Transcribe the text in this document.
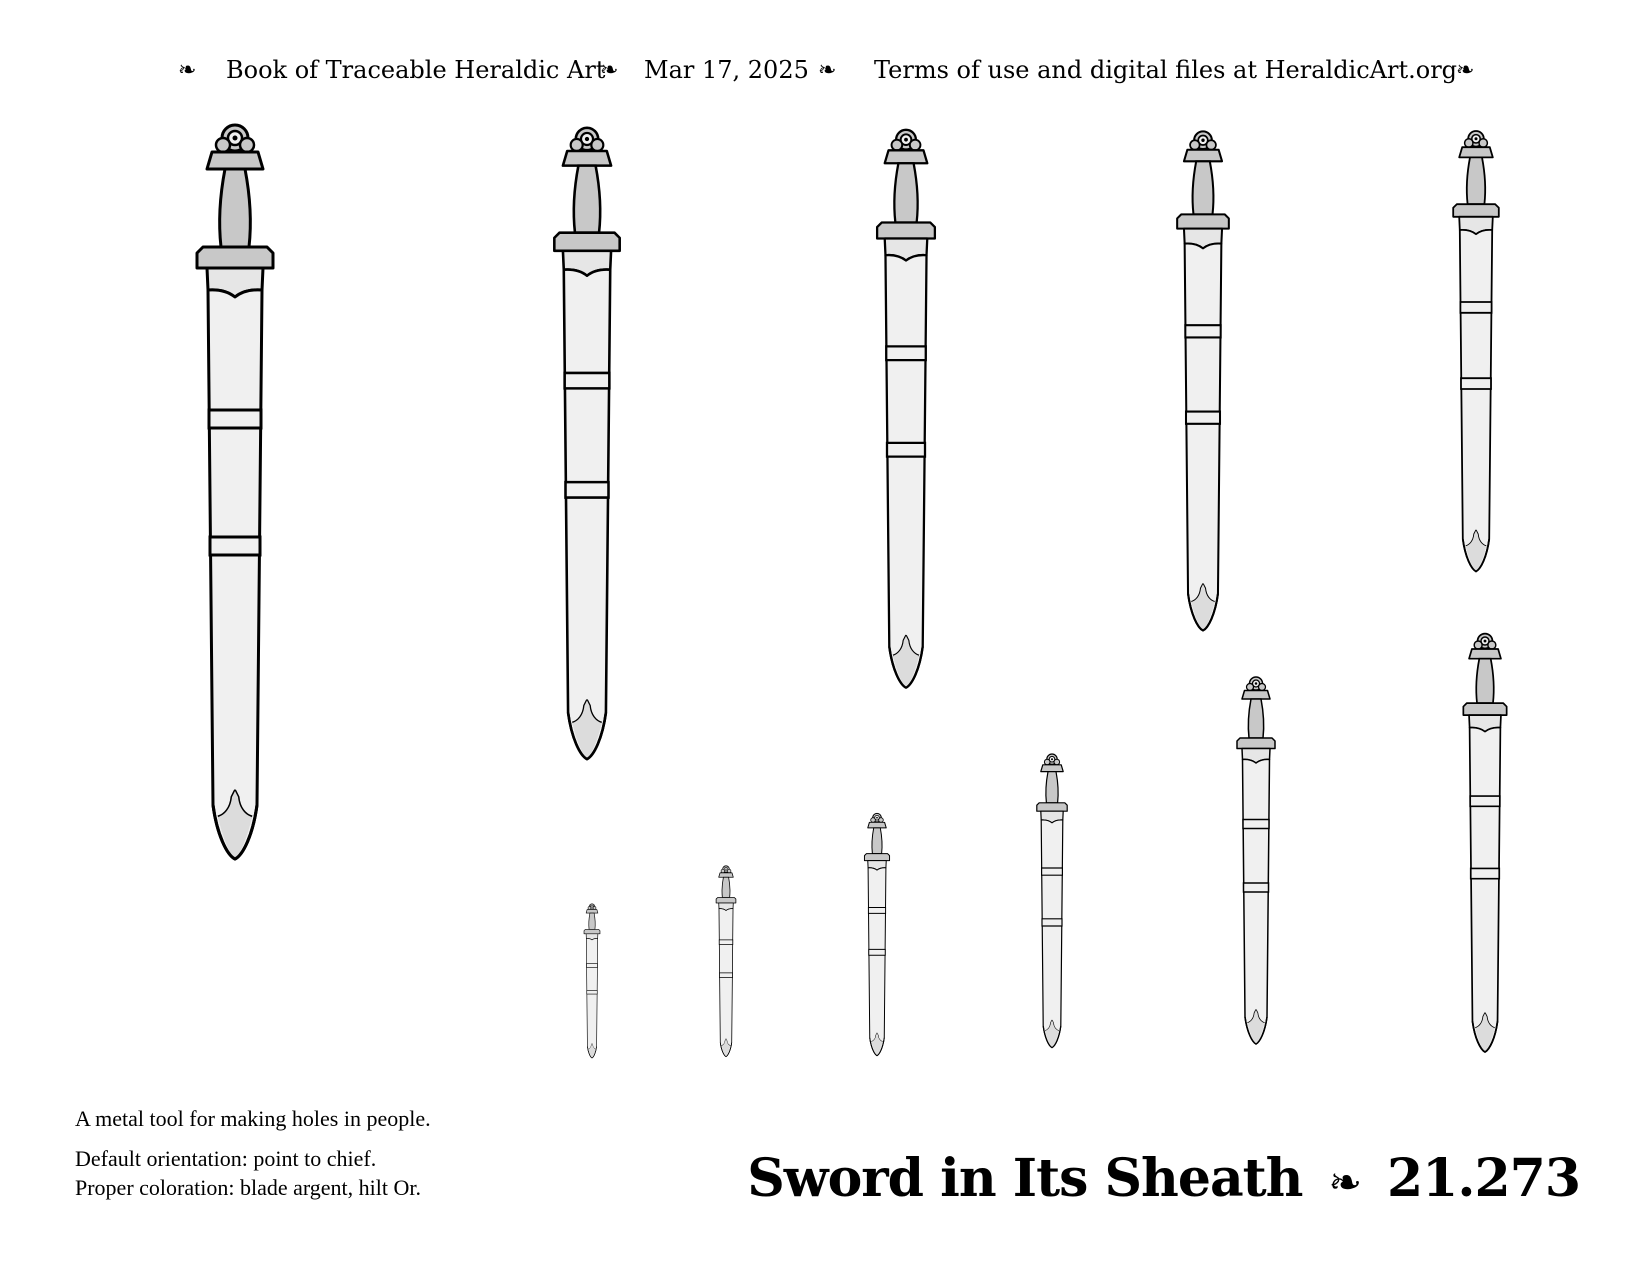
❧ Book of Traceable Heraldic Art
❧ Mar 17, 2025 ❧ Terms of use and digital files at HeraldicArt.org
❧
A metal tool for making holes in people.
Default orientation: point to chief.
Proper coloration: blade argent, hilt Or.	Sword in Its Sheath ❧ 21.273
